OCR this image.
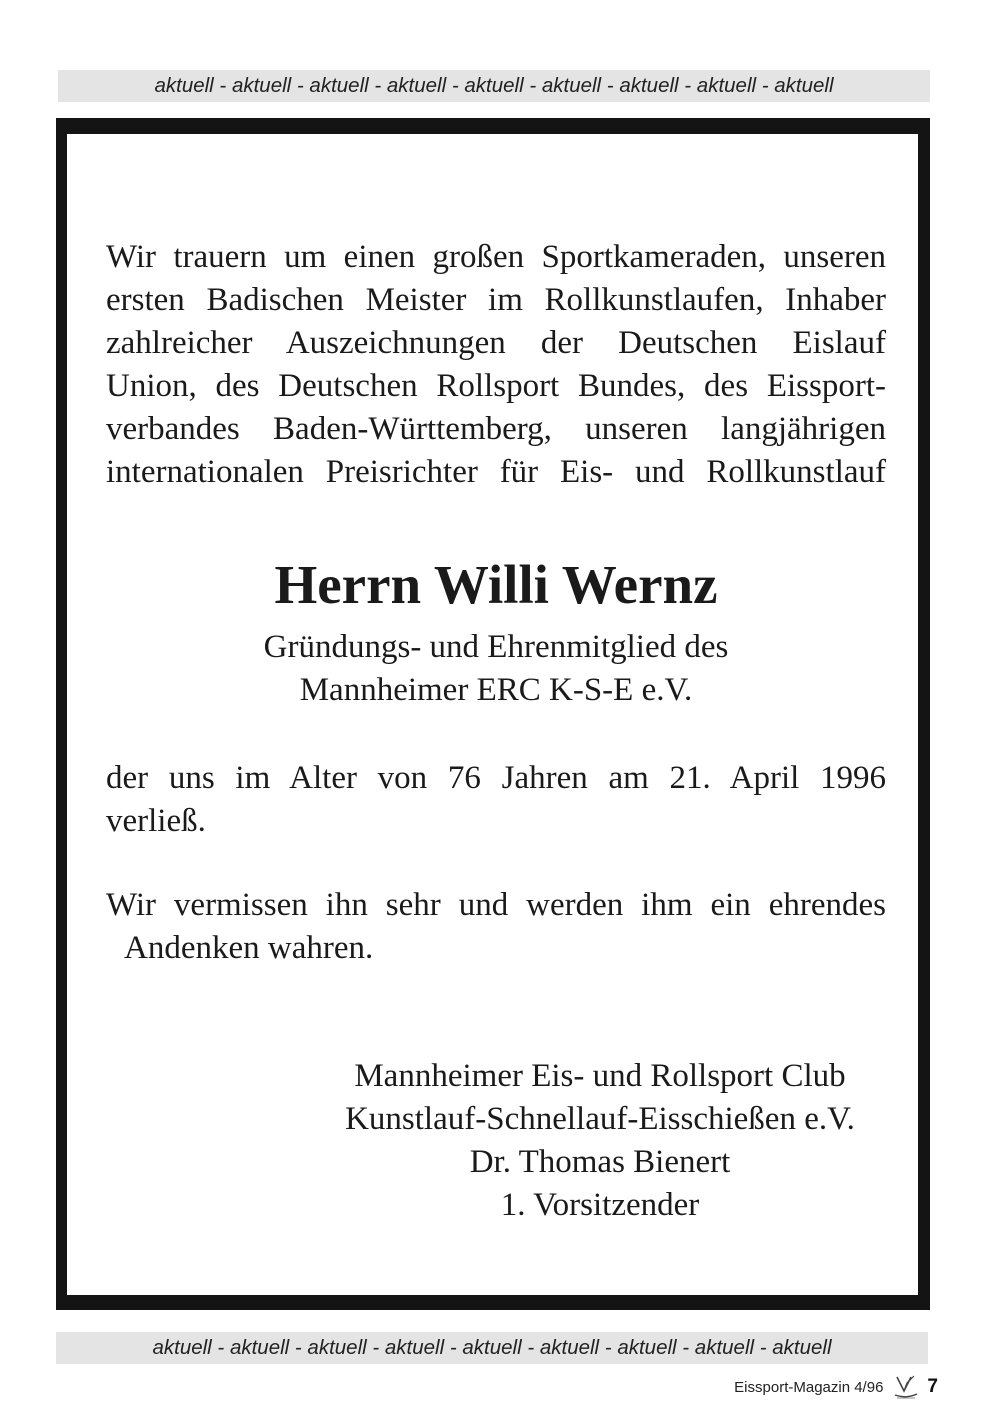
aktuell - aktuell - aktuell - aktuell - aktuell - aktuell - aktuell - aktuell - aktuell
Wir trauern um einen großen Sportkameraden, unseren
ersten Badischen Meister im Rollkunstlaufen, Inhaber
zahlreicher Auszeichnungen der Deutschen Eislauf
Union, des Deutschen Rollsport Bundes, des Eissport-
verbandes Baden-Württemberg, unseren langjährigen
internationalen Preisrichter für Eis- und Rollkunstlauf
Herrn Willi Wernz
Gründungs- und Ehrenmitglied des
Mannheimer ERC K-S-E e.V.
der uns im Alter von 76 Jahren am 21. April 1996
verließ.
Wir vermissen ihn sehr und werden ihm ein ehrendes
Andenken wahren.
Mannheimer Eis- und Rollsport Club
Kunstlauf-Schnellauf-Eisschießen e.V.
Dr. Thomas Bienert
1. Vorsitzender
aktuell - aktuell - aktuell - aktuell - aktuell - aktuell - aktuell - aktuell - aktuell
Eissport-Magazin 4/96 7
